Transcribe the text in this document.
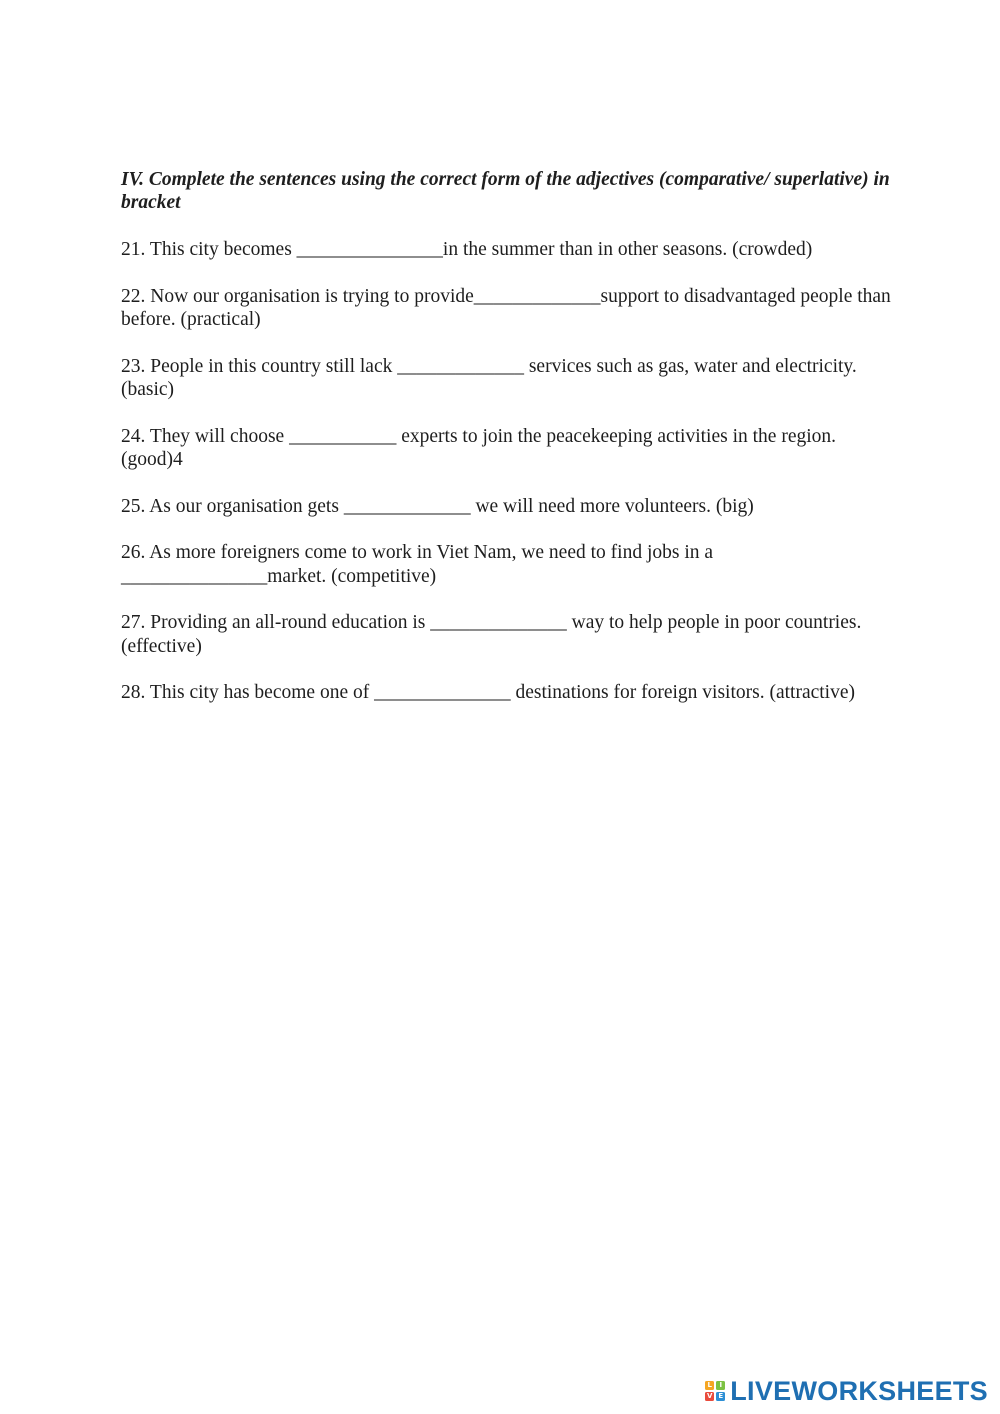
IV. Complete the sentences using the correct form of the adjectives (comparative/ superlative) in bracket

21. This city becomes _______________in the summer than in other seasons. (crowded)
22. Now our organisation is trying to provide_____________support to disadvantaged people than before. (practical)
23. People in this country still lack _____________ services such as gas, water and electricity. (basic)
24. They will choose ___________ experts to join the peacekeeping activities in the region. (good)4
25. As our organisation gets _____________ we will need more volunteers. (big)
26. As more foreigners come to work in Viet Nam, we need to find jobs in a _______________market. (competitive)
27. Providing an all-round education is ______________ way to help people in poor countries. (effective)
28. This city has become one of ______________ destinations for foreign visitors. (attractive)
L	I
V E LIVEWORKSHEETS
